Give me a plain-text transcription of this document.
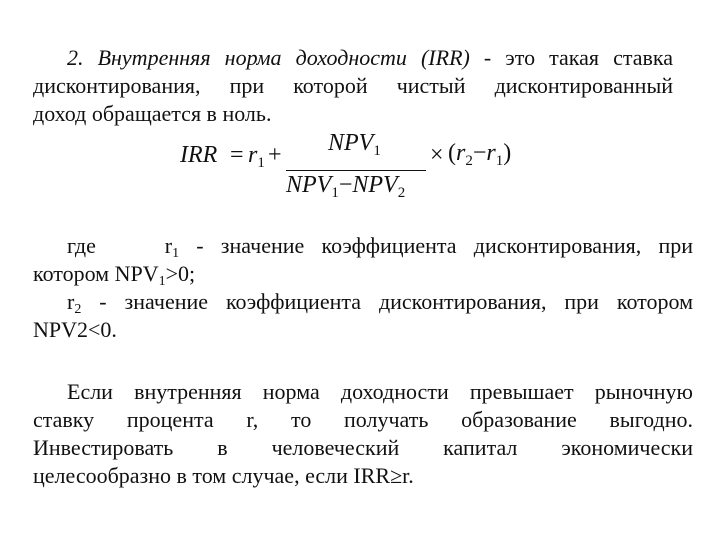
2. Внутренняя норма доходности (IRR) - это такая ставка
дисконтирования, при которой чистый дисконтированный
доход обращается в ноль.
IRR = $r_1 + NPV_1$
$NPV_1-NPV_2$
× $(r_2-r_1)$
где	$r_1$ - значение коэффициента дисконтирования, при
котором $NPV_1>0$;
$r_2$ - значение коэффициента дисконтирования, при котором
NPV2<0.
Если внутренняя норма доходности превышает рыночную
ставку процента r, то получать образование выгодно.
Инвестировать в человеческий капитал экономически
целесообразно в том случае, если IRR≥r.
